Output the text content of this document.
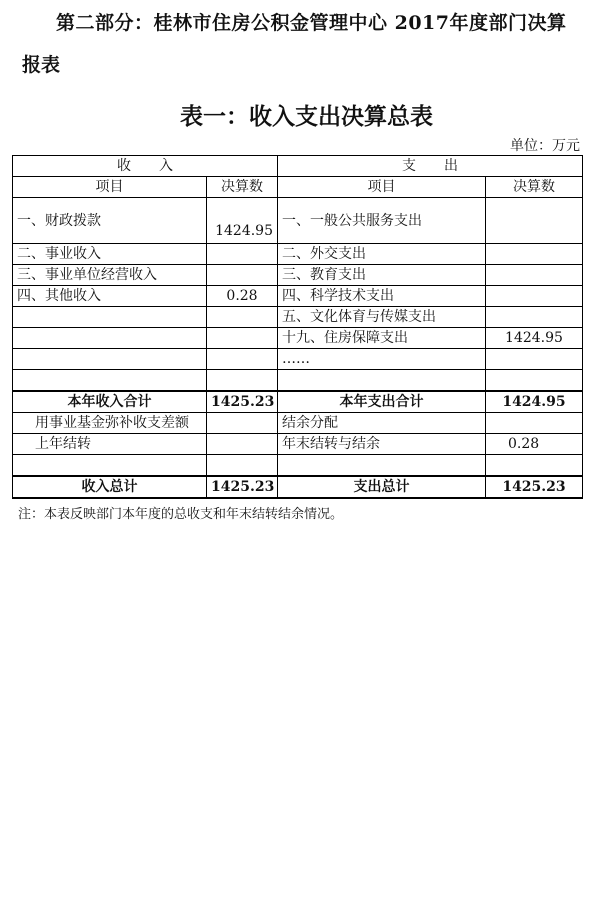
第二部分：桂林市住房公积金管理中心 2017年度部门决算
报表
表一：收入支出决算总表
单位：万元
收　　入		支　　出	
项目	决算数	项目	决算数
一、财政拨款	1424.95	一、一般公共服务支出	
二、事业收入		二、外交支出	
三、事业单位经营收入		三、教育支出	
四、其他收入	0.28	四、科学技术支出	
		五、文化体育与传媒支出	
		十九、住房保障支出	1424.95
		……	

本年收入合计	1425.23	本年支出合计	1424.95
用事业基金弥补收支差额		结余分配	
上年结转		年末结转与结余	0.28

收入总计	1425.23	支出总计	1425.23
注：本表反映部门本年度的总收支和年末结转结余情况。
